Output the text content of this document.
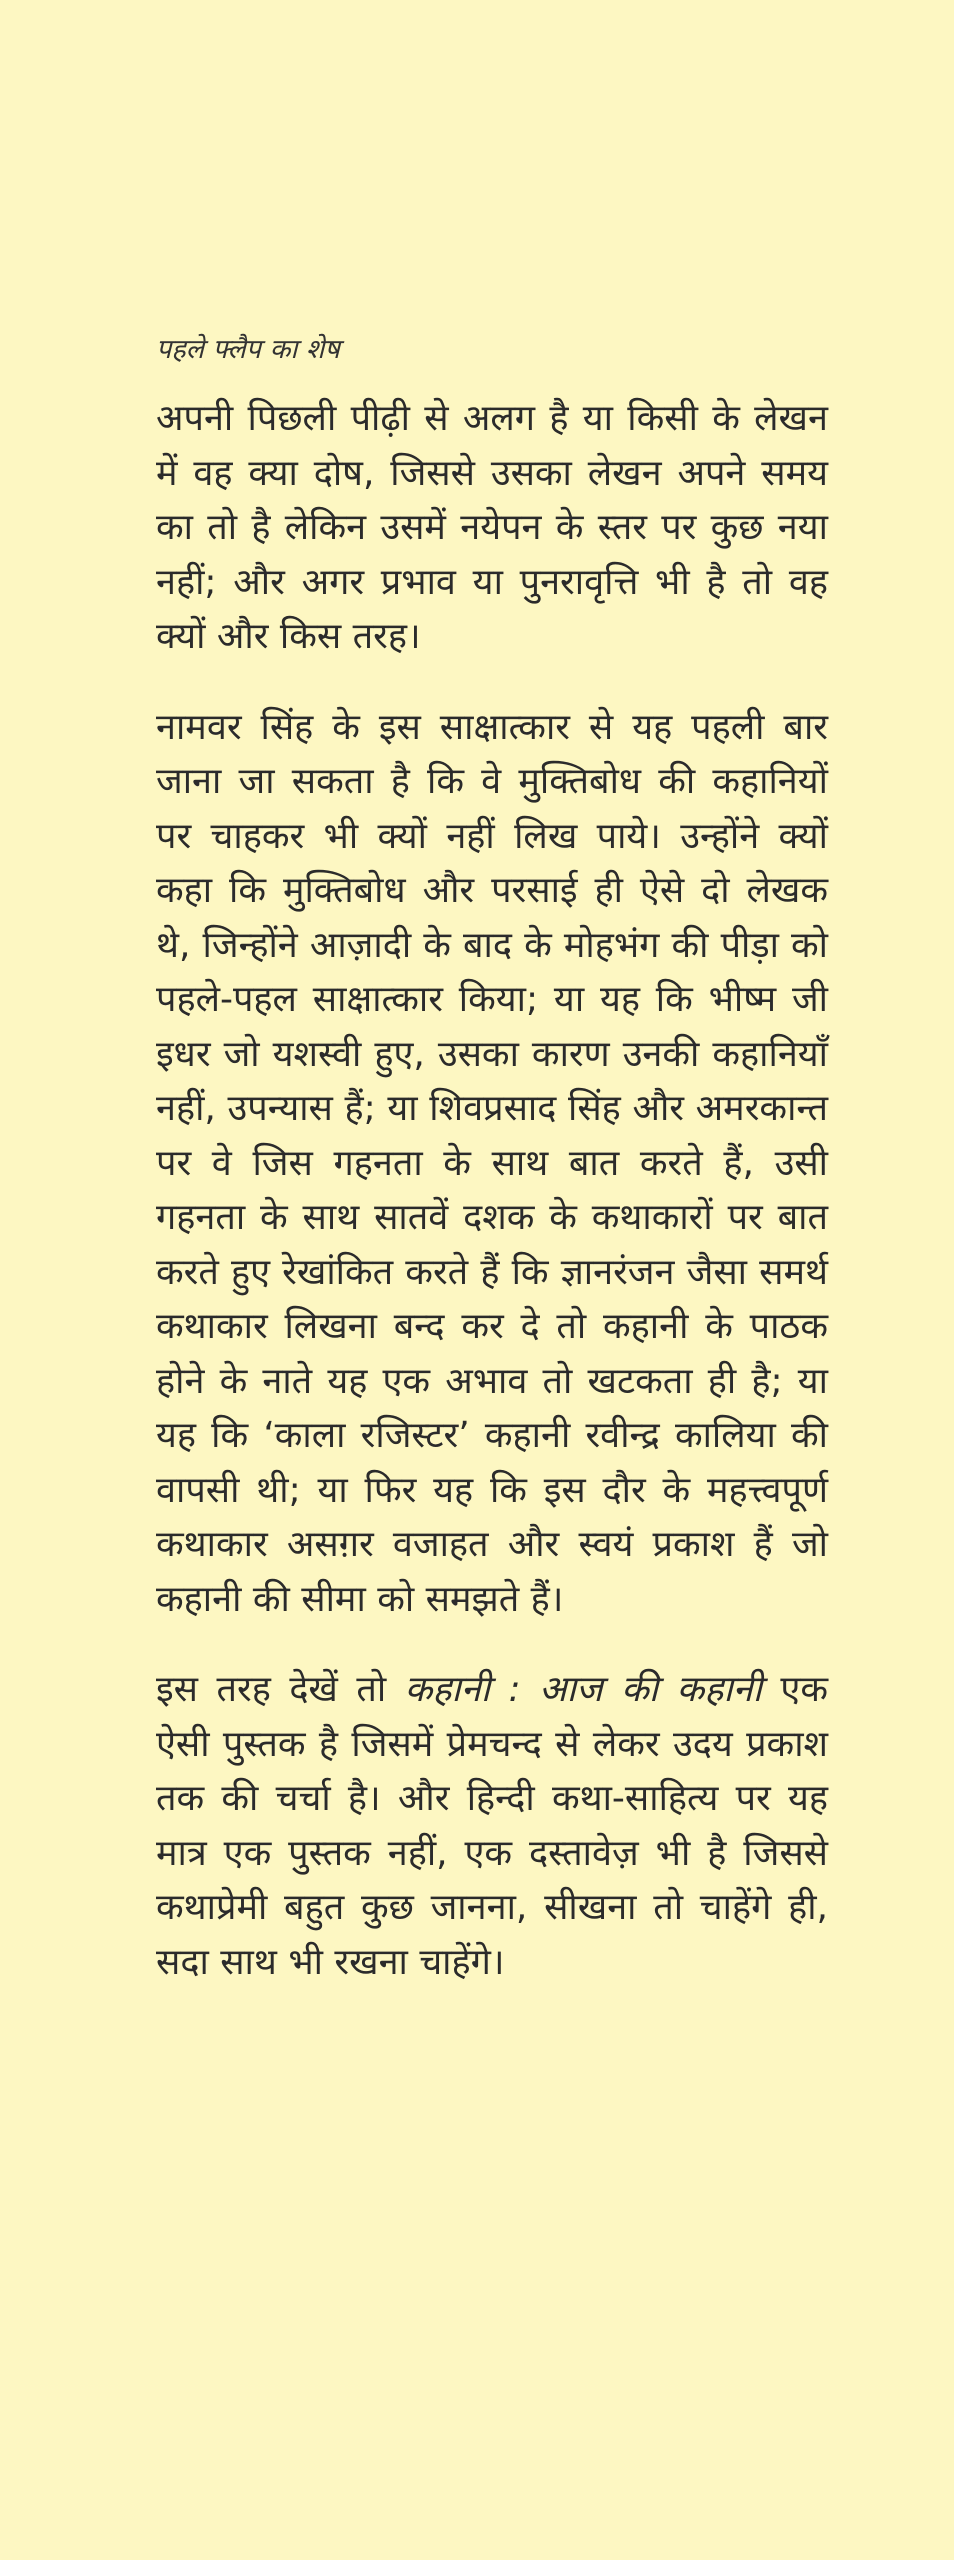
पहले फ्लैप का शेष

अपनी पिछली पीढ़ी से अलग है या किसी के लेखन में वह क्या दोष, जिससे उसका लेखन अपने समय का तो है लेकिन उसमें नयेपन के स्तर पर कुछ नया नहीं; और अगर प्रभाव या पुनरावृत्ति भी है तो वह क्यों और किस तरह।

नामवर सिंह के इस साक्षात्कार से यह पहली बार जाना जा सकता है कि वे मुक्तिबोध की कहानियों पर चाहकर भी क्यों नहीं लिख पाये। उन्होंने क्यों कहा कि मुक्तिबोध और परसाई ही ऐसे दो लेखक थे, जिन्होंने आज़ादी के बाद के मोहभंग की पीड़ा को पहले-पहल साक्षात्कार किया; या यह कि भीष्म जी इधर जो यशस्वी हुए, उसका कारण उनकी कहानियाँ नहीं, उपन्यास हैं; या शिवप्रसाद सिंह और अमरकान्त पर वे जिस गहनता के साथ बात करते हैं, उसी गहनता के साथ सातवें दशक के कथाकारों पर बात करते हुए रेखांकित करते हैं कि ज्ञानरंजन जैसा समर्थ कथाकार लिखना बन्द कर दे तो कहानी के पाठक होने के नाते यह एक अभाव तो खटकता ही है; या यह कि ‘काला रजिस्टर’ कहानी रवीन्द्र कालिया की वापसी थी; या फिर यह कि इस दौर के महत्त्वपूर्ण कथाकार असग़र वजाहत और स्वयं प्रकाश हैं जो कहानी की सीमा को समझते हैं।

इस तरह देखें तो कहानी : आज की कहानी एक ऐसी पुस्तक है जिसमें प्रेमचन्द से लेकर उदय प्रकाश तक की चर्चा है। और हिन्दी कथा-साहित्य पर यह मात्र एक पुस्तक नहीं, एक दस्तावेज़ भी है जिससे कथाप्रेमी बहुत कुछ जानना, सीखना तो चाहेंगे ही, सदा साथ भी रखना चाहेंगे।
